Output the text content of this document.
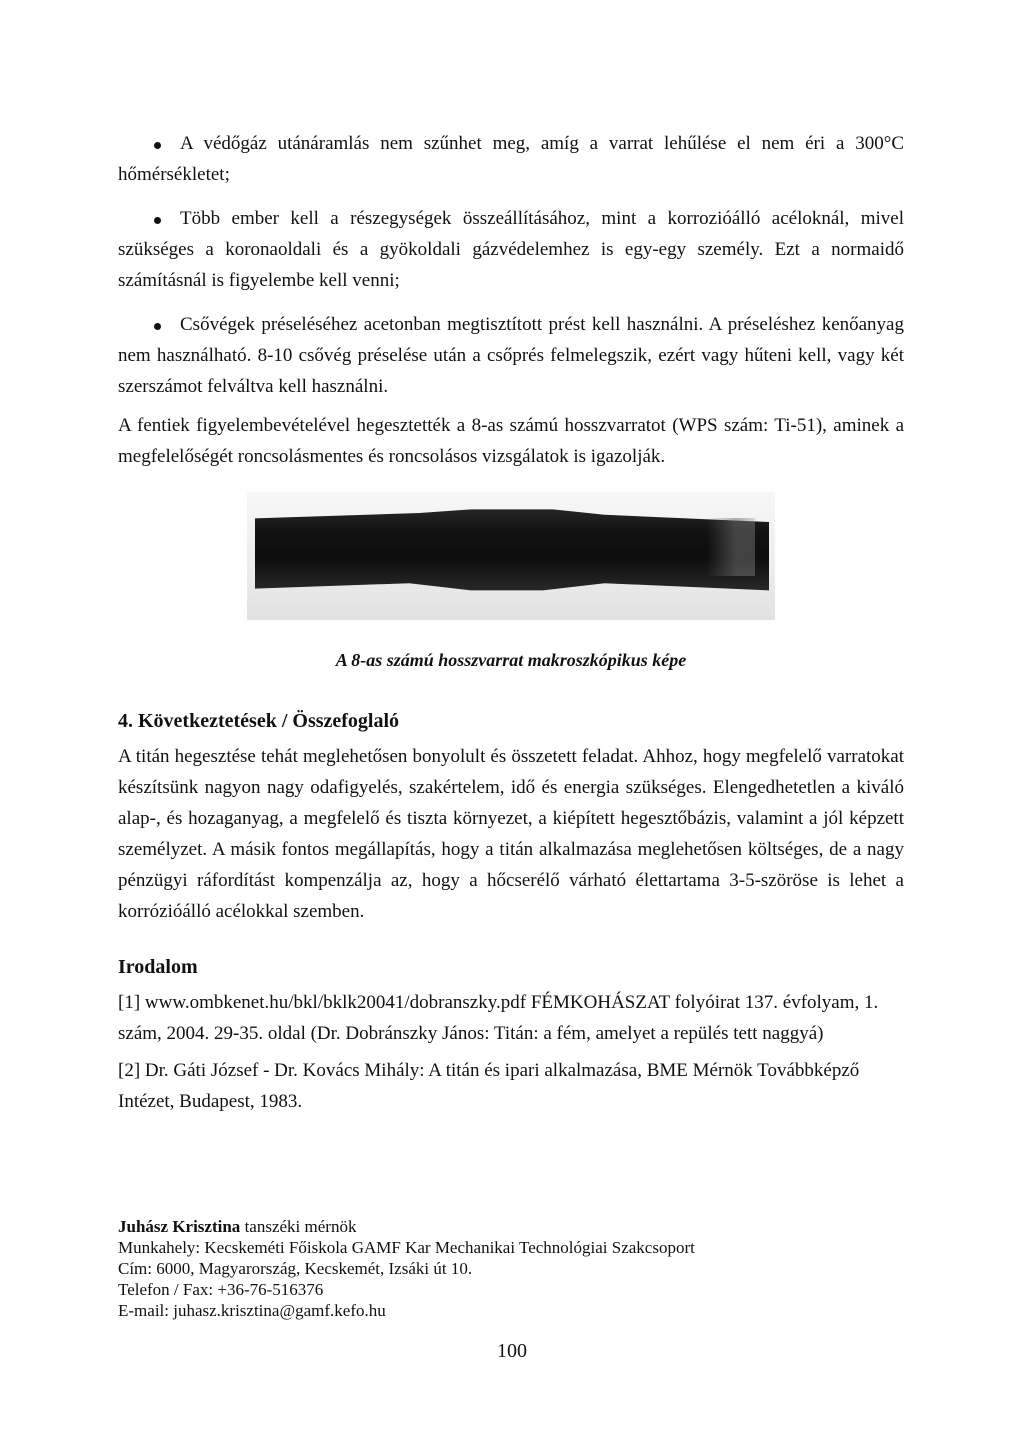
A védőgáz utánáramlás nem szűnhet meg, amíg a varrat lehűlése el nem éri a 300°C hőmérsékletet;
Több ember kell a részegységek összeállításához, mint a korrozióálló acéloknál, mivel szükséges a koronaoldali és a gyökoldali gázvédelemhez is egy-egy személy. Ezt a normaidő számításnál is figyelembe kell venni;
Csővégek préseléséhez acetonban megtisztított prést kell használni. A préseléshez kenőanyag nem használható. 8-10 csővég préselése után a csőprés felmelegszik, ezért vagy hűteni kell, vagy két szerszámot felváltva kell használni.

A fentiek figyelembevételével hegesztették a 8-as számú hosszvarratot (WPS szám: Ti-51), aminek a megfelelőségét roncsolásmentes és roncsolásos vizsgálatok is igazolják.

A 8-as számú hosszvarrat makroszkópikus képe
4. Következtetések / Összefoglaló

A titán hegesztése tehát meglehetősen bonyolult és összetett feladat. Ahhoz, hogy megfelelő varratokat készítsünk nagyon nagy odafigyelés, szakértelem, idő és energia szükséges. Elengedhetetlen a kiváló alap-, és hozaganyag, a megfelelő és tiszta környezet, a kiépített hegesztőbázis, valamint a jól képzett személyzet. A másik fontos megállapítás, hogy a titán alkalmazása meglehetősen költséges, de a nagy pénzügyi ráfordítást kompenzálja az, hogy a hőcserélő várható élettartama 3-5-szöröse is lehet a korrózióálló acélokkal szemben.

Irodalom

[1] www.ombkenet.hu/bkl/bklk20041/dobranszky.pdf FÉMKOHÁSZAT folyóirat 137. évfolyam, 1. szám, 2004. 29-35. oldal (Dr. Dobránszky János: Titán: a fém, amelyet a repülés tett naggyá)

[2] Dr. Gáti József - Dr. Kovács Mihály: A titán és ipari alkalmazása, BME Mérnök Továbbképző Intézet, Budapest, 1983.

Juhász Krisztina tanszéki mérnök
Munkahely: Kecskeméti Főiskola GAMF Kar Mechanikai Technológiai Szakcsoport
Cím: 6000, Magyarország, Kecskemét, Izsáki út 10.
Telefon / Fax: +36-76-516376
E-mail: juhasz.krisztina@gamf.kefo.hu
100
